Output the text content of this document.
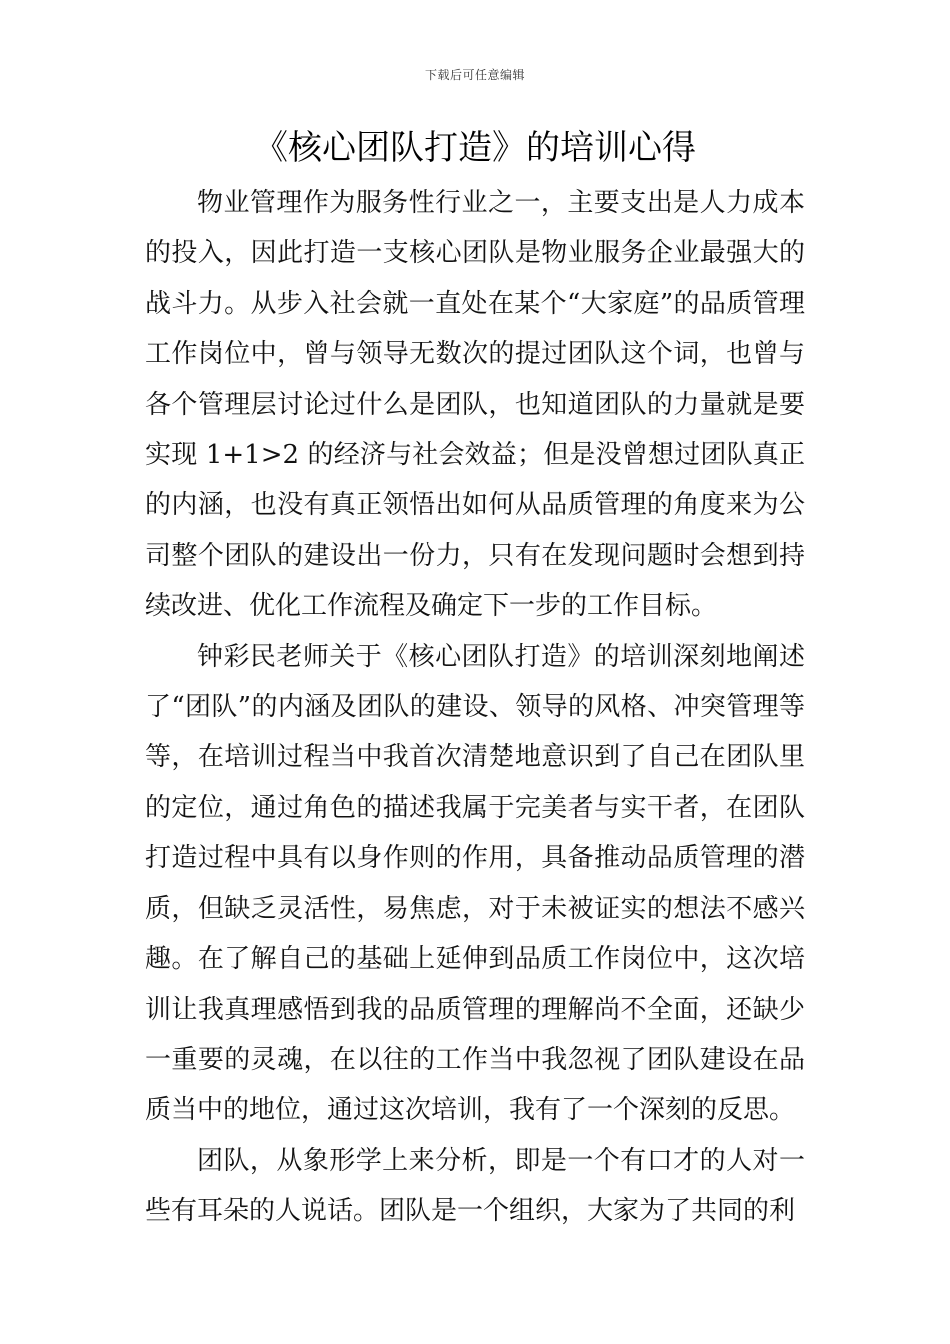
下载后可任意编辑
《核心团队打造》的培训心得

物业管理作为服务性行业之一，主要支出是人力成本的投入，因此打造一支核心团队是物业服务企业最强大的战斗力。从步入社会就一直处在某个“大家庭”的品质管理工作岗位中，曾与领导无数次的提过团队这个词，也曾与各个管理层讨论过什么是团队，也知道团队的力量就是要实现 1+1>2 的经济与社会效益；但是没曾想过团队真正的内涵，也没有真正领悟出如何从品质管理的角度来为公司整个团队的建设出一份力，只有在发现问题时会想到持续改进、优化工作流程及确定下一步的工作目标。

钟彩民老师关于《核心团队打造》的培训深刻地阐述了“团队”的内涵及团队的建设、领导的风格、冲突管理等等，在培训过程当中我首次清楚地意识到了自己在团队里的定位，通过角色的描述我属于完美者与实干者，在团队打造过程中具有以身作则的作用，具备推动品质管理的潜质，但缺乏灵活性，易焦虑，对于未被证实的想法不感兴趣。在了解自己的基础上延伸到品质工作岗位中，这次培训让我真理感悟到我的品质管理的理解尚不全面，还缺少一重要的灵魂，在以往的工作当中我忽视了团队建设在品质当中的地位，通过这次培训，我有了一个深刻的反思。

团队，从象形学上来分析，即是一个有口才的人对一些有耳朵的人说话。团队是一个组织，大家为了共同的利
